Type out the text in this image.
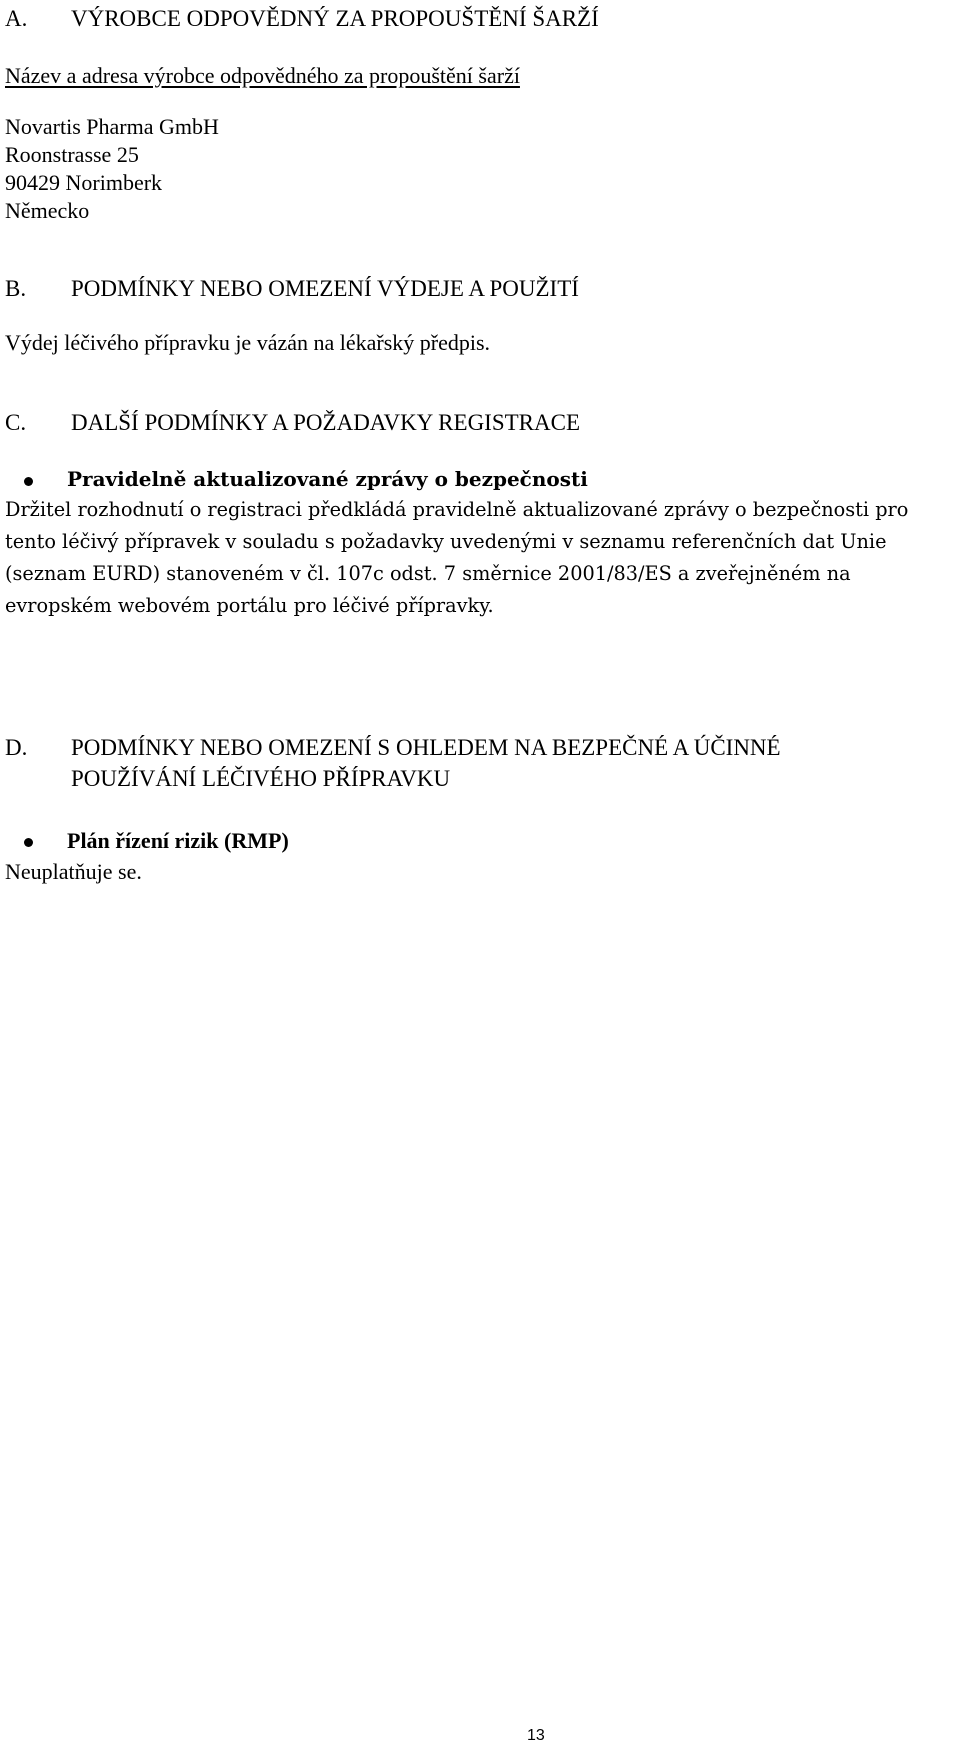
A. VÝROBCE ODPOVĚDNÝ ZA PROPOUŠTĚNÍ ŠARŽÍ
Název a adresa výrobce odpovědného za propouštění šarží
Novartis Pharma GmbH
Roonstrasse 25
90429 Norimberk
Německo
B. PODMÍNKY NEBO OMEZENÍ VÝDEJE A POUŽITÍ
Výdej léčivého přípravku je vázán na lékařský předpis.
C. DALŠÍ PODMÍNKY A POŽADAVKY REGISTRACE
Pravidelně aktualizované zprávy o bezpečnosti
Držitel rozhodnutí o registraci předkládá pravidelně aktualizované zprávy o bezpečnosti pro
tento léčivý přípravek v souladu s požadavky uvedenými v seznamu referenčních dat Unie
(seznam EURD) stanoveném v čl. 107c odst. 7 směrnice 2001/83/ES a zveřejněném na
evropském webovém portálu pro léčivé přípravky.
D. PODMÍNKY NEBO OMEZENÍ S OHLEDEM NA BEZPEČNÉ A ÚČINNÉ
POUŽÍVÁNÍ LÉČIVÉHO PŘÍPRAVKU
Plán řízení rizik (RMP)
Neuplatňuje se.
13
